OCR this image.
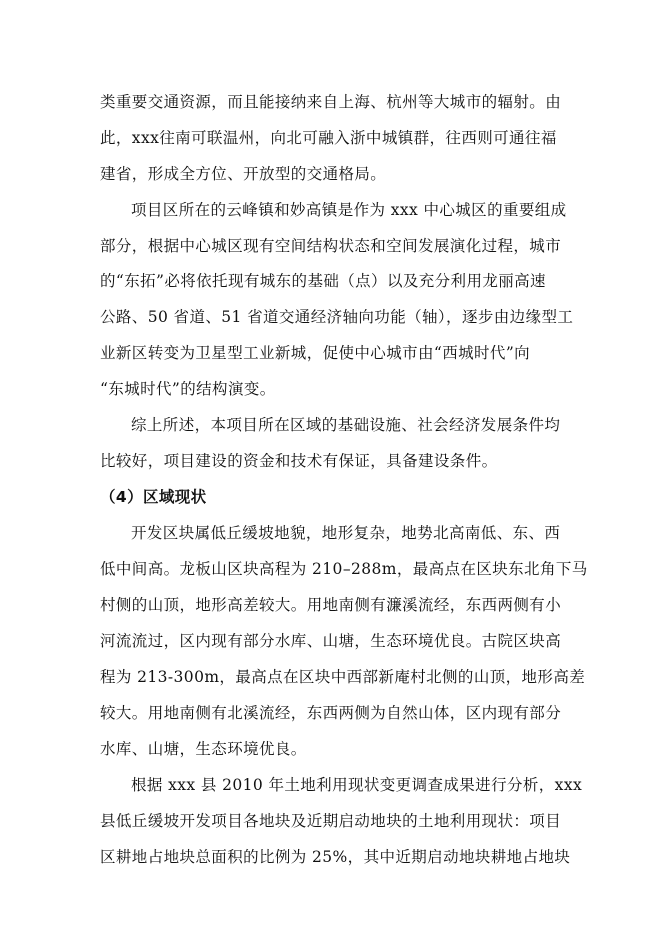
类重要交通资源，而且能接纳来自上海、杭州等大城市的辐射。由
此，xxx往南可联温州，向北可融入浙中城镇群，往西则可通往福
建省，形成全方位、开放型的交通格局。
项目区所在的云峰镇和妙高镇是作为 xxx 中心城区的重要组成
部分，根据中心城区现有空间结构状态和空间发展演化过程，城市
的“东拓”必将依托现有城东的基础（点）以及充分利用龙丽高速
公路、50 省道、51 省道交通经济轴向功能（轴），逐步由边缘型工
业新区转变为卫星型工业新城，促使中心城市由“西城时代”向
“东城时代”的结构演变。
综上所述，本项目所在区域的基础设施、社会经济发展条件均
比较好，项目建设的资金和技术有保证，具备建设条件。
（4）区域现状
开发区块属低丘缓坡地貌，地形复杂，地势北高南低、东、西
低中间高。龙板山区块高程为 210–288m，最高点在区块东北角下马
村侧的山顶，地形高差较大。用地南侧有濂溪流经，东西两侧有小
河流流过，区内现有部分水库、山塘，生态环境优良。古院区块高
程为 213-300m，最高点在区块中西部新庵村北侧的山顶，地形高差
较大。用地南侧有北溪流经，东西两侧为自然山体，区内现有部分
水库、山塘，生态环境优良。
根据 xxx 县 2010 年土地利用现状变更调查成果进行分析，xxx
县低丘缓坡开发项目各地块及近期启动地块的土地利用现状：项目
区耕地占地块总面积的比例为 25%，其中近期启动地块耕地占地块
